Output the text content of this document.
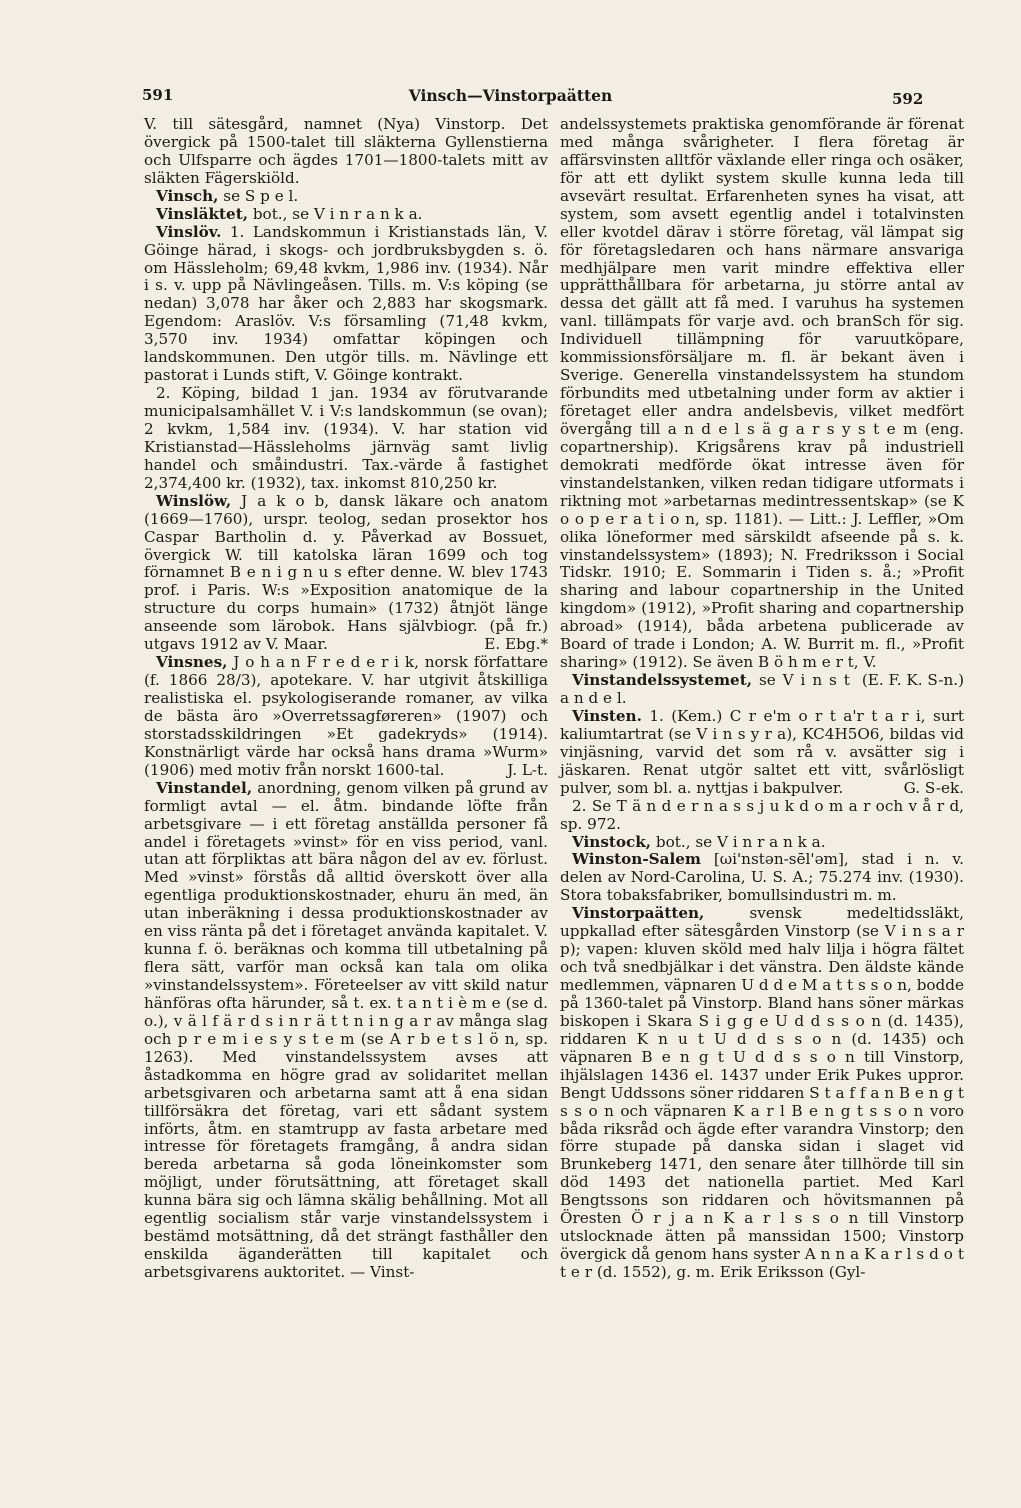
591	Vinsch—Vinstorpaätten	592

V. till sätesgård, namnet (Nya) Vinstorp. Det övergick på 1500-talet till släkterna Gyllenstierna och Ulfsparre och ägdes 1701—1800-talets mitt av släkten Fägerskiöld.

Vinsch, se S p e l.

Vinsläktet, bot., se V i n r a n k a.

Vinslöv. 1. Landskommun i Kristianstads län, V. Göinge härad, i skogs- och jordbruksbygden s. ö. om Hässleholm; 69,48 kvkm, 1,986 inv. (1934). Når i s. v. upp på Nävlingeåsen. Tills. m. V:s köping (se nedan) 3,078 har åker och 2,883 har skogsmark. Egendom: Araslöv. V:s församling (71,48 kvkm, 3,570 inv. 1934) omfattar köpingen och landskommunen. Den utgör tills. m. Nävlinge ett pastorat i Lunds stift, V. Göinge kontrakt.

2. Köping, bildad 1 jan. 1934 av förutvarande municipalsamhället V. i V:s landskommun (se ovan); 2 kvkm, 1,584 inv. (1934). V. har station vid Kristianstad—Hässleholms järnväg samt livlig handel och småindustri. Tax.-värde å fastighet 2,374,400 kr. (1932), tax. inkomst 810,250 kr.

Winslöw, J a k o b, dansk läkare och anatom (1669—1760), urspr. teolog, sedan prosektor hos Caspar Bartholin d. y. Påverkad av Bossuet, övergick W. till katolska läran 1699 och tog förnamnet B e n i g n u s efter denne. W. blev 1743 prof. i Paris. W:s »Exposition anatomique de la structure du corps humain» (1732) åtnjöt länge anseende som lärobok. Hans självbiogr. (på fr.) utgavs 1912 av V. Maar.	E. Ebg.*

Vinsnes, J o h a n F r e d e r i k, norsk författare (f. 1866 28/3), apotekare. V. har utgivit åtskilliga realistiska el. psykologiserande romaner, av vilka de bästa äro »Overretssagføreren» (1907) och storstadsskildringen »Et gadekryds» (1914). Konstnärligt värde har också hans drama »Wurm» (1906) med motiv från norskt 1600-tal.	J. L-t.

Vinstandel, anordning, genom vilken på grund av formligt avtal — el. åtm. bindande löfte från arbetsgivare — i ett företag anställda personer få andel i företagets »vinst» för en viss period, vanl. utan att förpliktas att bära någon del av ev. förlust. Med »vinst» förstås då alltid överskott över alla egentliga produktionskostnader, ehuru än med, än utan inberäkning i dessa produktionskostnader av en viss ränta på det i företaget använda kapitalet. V. kunna f. ö. beräknas och komma till utbetalning på flera sätt, varför man också kan tala om olika »vinstandelssystem». Företeelser av vitt skild natur hänföras ofta härunder, så t. ex. t a n t i è m e (se d. o.), v ä l f ä r d s i n r ä t t n i n g a r av många slag och p r e m i e s y s t e m (se A r b e t s l ö n, sp. 1263). Med vinstandelssystem avses att åstadkomma en högre grad av solidaritet mellan arbetsgivaren och arbetarna samt att å ena sidan tillförsäkra det företag, vari ett sådant system införts, åtm. en stamtrupp av fasta arbetare med intresse för företagets framgång, å andra sidan bereda arbetarna så goda löneinkomster som möjligt, under förutsättning, att företaget skall kunna bära sig och lämna skälig behållning. Mot all egentlig socialism står varje vinstandelssystem i bestämd motsättning, då det strängt fasthåller den enskilda äganderätten till kapitalet och arbetsgivarens auktoritet. — Vinst-

andelssystemets praktiska genomförande är förenat med många svårigheter. I flera företag är affärsvinsten alltför växlande eller ringa och osäker, för att ett dylikt system skulle kunna leda till avsevärt resultat. Erfarenheten synes ha visat, att system, som avsett egentlig andel i totalvinsten eller kvotdel därav i större företag, väl lämpat sig för företagsledaren och hans närmare ansvariga medhjälpare men varit mindre effektiva eller upprätthållbara för arbetarna, ju större antal av dessa det gällt att få med. I varuhus ha systemen vanl. tillämpats för varje avd. och branSch för sig. Individuell tillämpning för varuutköpare, kommissionsförsäljare m. fl. är bekant även i Sverige. Generella vinstandelssystem ha stundom förbundits med utbetalning under form av aktier i företaget eller andra andelsbevis, vilket medfört övergång till a n d e l s ä g a r s y s t e m (eng. copartnership). Krigsårens krav på industriell demokrati medförde ökat intresse även för vinstandelstanken, vilken redan tidigare utformats i riktning mot »arbetarnas medintressentskap» (se K o o p e r a t i o n, sp. 1181). — Litt.: J. Leffler, »Om olika löneformer med särskildt afseende på s. k. vinstandelssystem» (1893); N. Fredriksson i Social Tidskr. 1910; E. Sommarin i Tiden s. å.; »Profit sharing and labour copartnership in the United kingdom» (1912), »Profit sharing and copartnership abroad» (1914), båda arbetena publicerade av Board of trade i London; A. W. Burrit m. fl., »Profit sharing» (1912). Se även B ö h m e r t, V.
(E. F. K. S-n.)

Vinstandelssystemet, se V i n s t a n d e l.

Vinsten. 1. (Kem.) C r e'm o r t a'r t a r i, surt kaliumtartrat (se V i n s y r a), KC4H5O6, bildas vid vinjäsning, varvid det som rå v. avsätter sig i jäskaren. Renat utgör saltet ett vitt, svårlösligt pulver, som bl. a. nyttjas i bakpulver.	G. S-ek.

2. Se T ä n d e r n a s s j u k d o m a r och v å r d, sp. 972.

Vinstock, bot., se V i n r a n k a.

Winston-Salem [ωi'nstən-sēl'əm], stad i n. v. delen av Nord-Carolina, U. S. A.; 75.274 inv. (1930). Stora tobaksfabriker, bomullsindustri m. m.

Vinstorpaätten, svensk medeltidssläkt, uppkallad efter sätesgården Vinstorp (se V i n s a r p); vapen: kluven sköld med halv lilja i högra fältet och två snedbjälkar i det vänstra. Den äldste kände medlemmen, väpnaren U d d e M a t t s s o n, bodde på 1360-talet på Vinstorp. Bland hans söner märkas biskopen i Skara S i g g e U d d s s o n (d. 1435), riddaren K n u t U d d s s o n (d. 1435) och väpnaren B e n g t U d d s s o n till Vinstorp, ihjälslagen 1436 el. 1437 under Erik Pukes uppror. Bengt Uddssons söner riddaren S t a f f a n B e n g t s s o n och väpnaren K a r l B e n g t s s o n voro båda riksråd och ägde efter varandra Vinstorp; den förre stupade på danska sidan i slaget vid Brunkeberg 1471, den senare åter tillhörde till sin död 1493 det nationella partiet. Med Karl Bengtssons son riddaren och hövitsmannen på Öresten Ö r j a n K a r l s s o n till Vinstorp utslocknade ätten på manssidan 1500; Vinstorp övergick då genom hans syster A n n a K a r l s d o t t e r (d. 1552), g. m. Erik Eriksson (Gyl-
